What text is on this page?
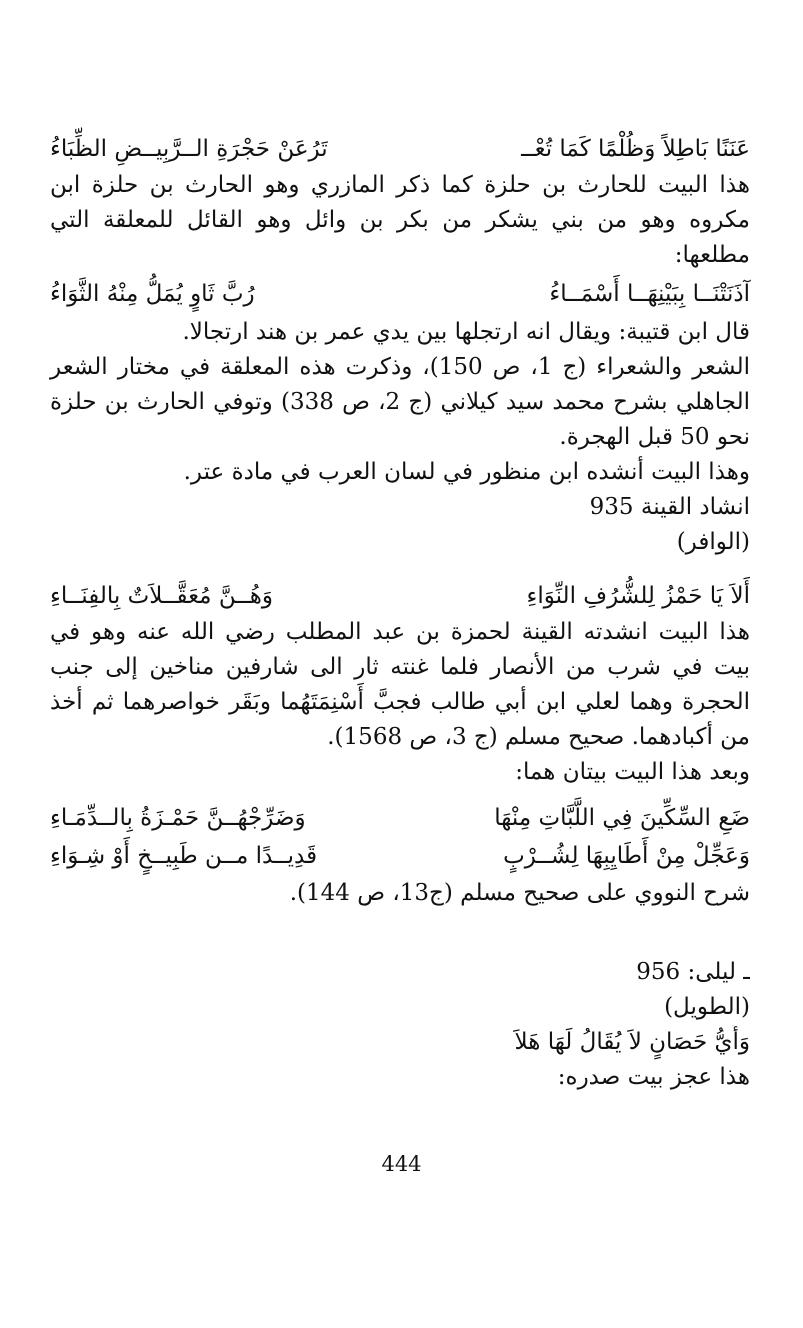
عَنَنًا بَاطِلاً وَظُلْمًا كَمَا تُعْــ
تَرُعَنْ حَجْرَةِ الــرَّبِيــضِ الظِّبَاءُ
هذا البيت للحارث بن حلزة كما ذكر المازري وهو الحارث بن حلزة ابن مكروه وهو من بني يشكر من بكر بن وائل وهو القائل للمعلقة التي مطلعها:
آذَنَتْنَــا بِبَيْنِهَــا أَسْمَــاءُ
رُبَّ ثَاوٍ يُمَلُّ مِنْهُ الثَّوَاءُ
قال ابن قتيبة: ويقال انه ارتجلها بين يدي عمر بن هند ارتجالا.
الشعر والشعراء (ج 1، ص 150)، وذكرت هذه المعلقة في مختار الشعر الجاهلي بشرح محمد سيد كيلاني (ج 2، ص 338) وتوفي الحارث بن حلزة نحو 50 قبل الهجرة.
وهذا البيت أنشده ابن منظور في لسان العرب في مادة عتر.
انشاد القينة 935
(الوافر)
أَلاَ يَا حَمْزُ لِلشُّرُفِ النِّوَاءِ
وَهُــنَّ مُعَقَّــلاَتٌ بِالفِنَــاءِ
هذا البيت انشدته القينة لحمزة بن عبد المطلب رضي الله عنه وهو في بيت في شرب من الأنصار فلما غنته ثار الى شارفين مناخين إلى جنب الحجرة وهما لعلي ابن أبي طالب فجبَّ أَسْنِمَتَهُما وبَقَر خواصرهما ثم أخذ من أكبادهما. صحيح مسلم (ج 3، ص 1568).
وبعد هذا البيت بيتان هما:
ضَعِ السِّكِّينَ فِي اللَّبَّاتِ مِنْهَا
وَضَرِّجْهُــنَّ حَمْـزَةُ بِالــدِّمَـاءِ
وَعَجِّلْ مِنْ أَطَايِبِهَا لِشُــرْبٍ
قَدِيــدًا مــن طَبِيــخٍ أَوْ شِـوَاءِ
شرح النووي على صحيح مسلم (ج13، ص 144).
ـ ليلى: 956
(الطويل)
وَأَيُّ حَصَانٍ لاَ يُقَالُ لَهَا هَلاَ
هذا عجز بيت صدره:
444
